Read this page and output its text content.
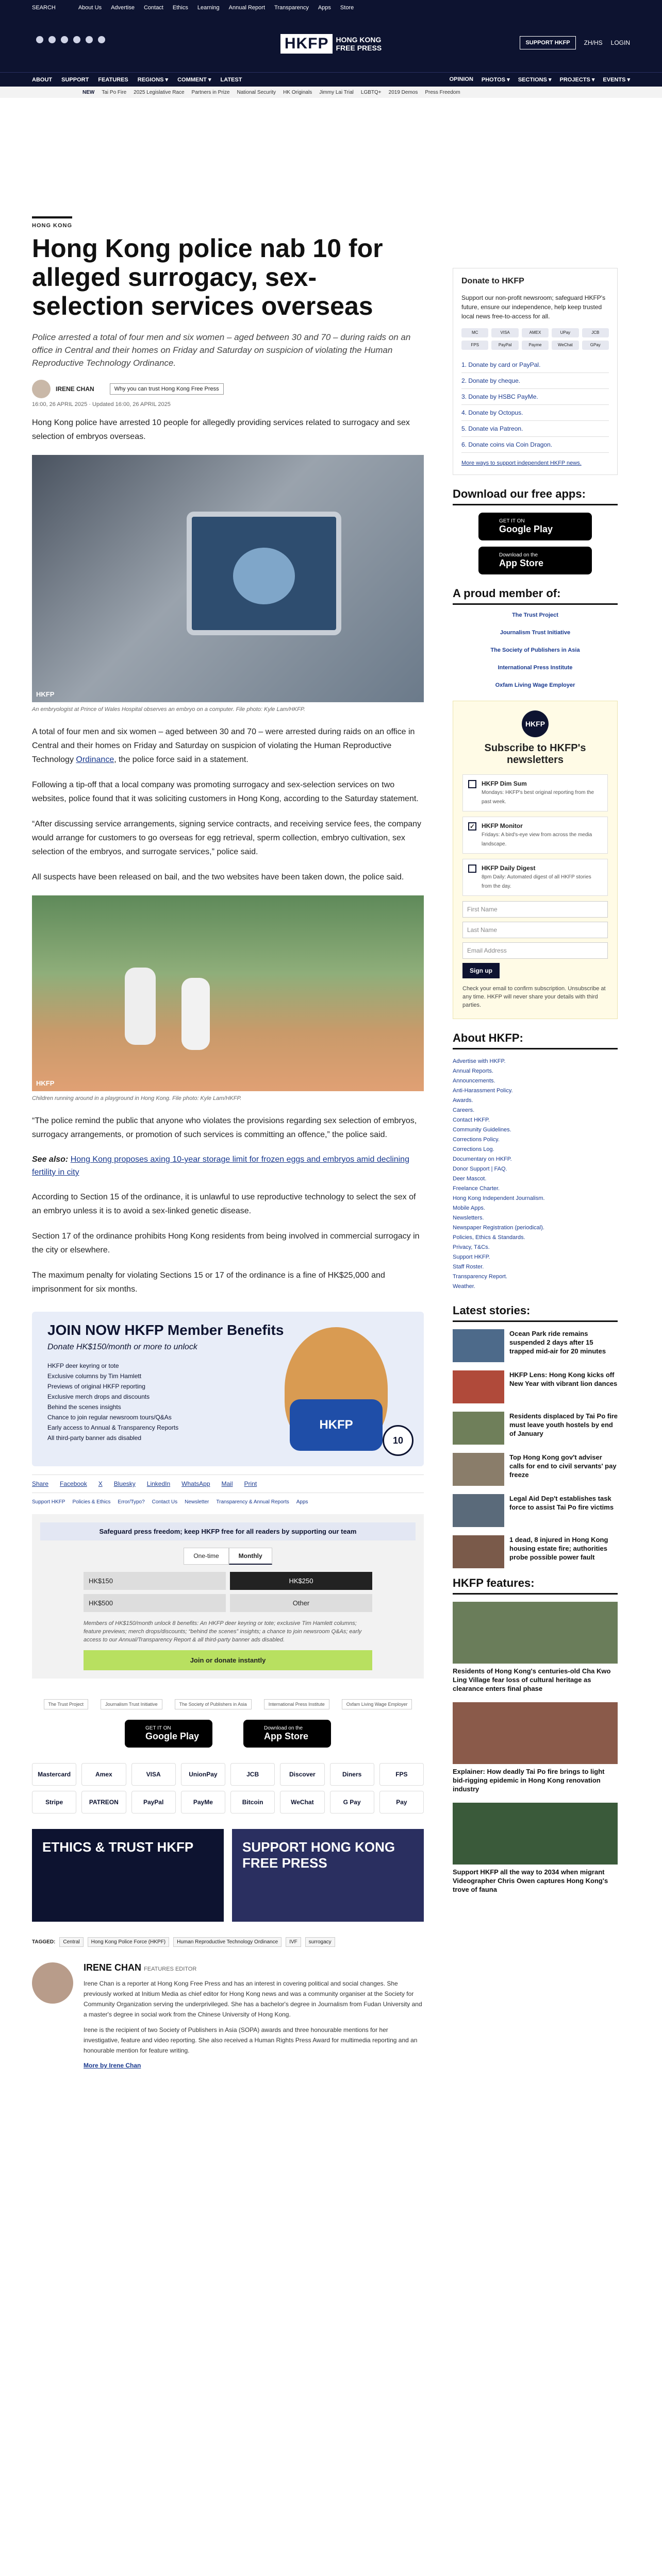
SEARCH	About Us Advertise Contact Ethics Learning Annual Report Transparency Apps Store
HKFP	HONG KONG
FREE PRESS
SUPPORT HKFP	ZH/HS LOGIN
ABOUT SUPPORT FEATURES REGIONS ▾ COMMENT ▾ LATEST	OPINION PHOTOS ▾ SECTIONS ▾ PROJECTS ▾ EVENTS ▾
NEW Tai Po Fire 2025 Legislative Race Partners in Prize National Security HK Originals Jimmy Lai Trial LGBTQ+ 2019 Demos Press Freedom
HONG KONG
Hong Kong police nab 10 for alleged surrogacy, sex-selection services overseas

Police arrested a total of four men and six women – aged between 30 and 70 – during raids on an office in Central and their homes on Friday and Saturday on suspicion of violating the Human Reproductive Technology Ordinance.

IRENE CHAN	Why you can trust Hong Kong Free Press
16:00, 26 APRIL 2025 · Updated 16:00, 26 APRIL 2025

Hong Kong police have arrested 10 people for allegedly providing services related to surrogacy and sex selection of embryos overseas.

HKFP
An embryologist at Prince of Wales Hospital observes an embryo on a computer. File photo: Kyle Lam/HKFP.

A total of four men and six women – aged between 30 and 70 – were arrested during raids on an office in Central and their homes on Friday and Saturday on suspicion of violating the Human Reproductive Technology Ordinance, the police force said in a statement.

Following a tip-off that a local company was promoting surrogacy and sex-selection services on two websites, police found that it was soliciting customers in Hong Kong, according to the Saturday statement.

“After discussing service arrangements, signing service contracts, and receiving service fees, the company would arrange for customers to go overseas for egg retrieval, sperm collection, embryo cultivation, sex selection of the embryos, and surrogate services,” police said.

All suspects have been released on bail, and the two websites have been taken down, the police said.

HKFP
Children running around in a playground in Hong Kong. File photo: Kyle Lam/HKFP.

“The police remind the public that anyone who violates the provisions regarding sex selection of embryos, surrogacy arrangements, or promotion of such services is committing an offence,” the police said.

See also: Hong Kong proposes axing 10-year storage limit for frozen eggs and embryos amid declining fertility in city

According to Section 15 of the ordinance, it is unlawful to use reproductive technology to select the sex of an embryo unless it is to avoid a sex-linked genetic disease.

Section 17 of the ordinance prohibits Hong Kong residents from being involved in commercial surrogacy in the city or elsewhere.

The maximum penalty for violating Sections 15 or 17 of the ordinance is a fine of HK$25,000 and imprisonment for six months.

JOIN NOW HKFP Member Benefits
Donate HK$150/month or more to unlock
HKFP deer keyring or tote
Exclusive columns by Tim Hamlett
Previews of original HKFP reporting
Exclusive merch drops and discounts
Behind the scenes insights
Chance to join regular newsroom tours/Q&As
Early access to Annual & Transparency Reports
All third-party banner ads disabled
HKFP
10
Share Facebook X Bluesky LinkedIn WhatsApp Mail Print
Support HKFP Policies & Ethics Error/Typo? Contact Us Newsletter Transparency & Annual Reports Apps
Safeguard press freedom; keep HKFP free for all readers by supporting our team
One-time	Monthly
HK$150	HK$250
HK$500	Other
Members of HK$150/month unlock 8 benefits: An HKFP deer keyring or tote; exclusive Tim Hamlett columns; feature previews; merch drops/discounts; “behind the scenes” insights; a chance to join newsroom Q&As; early access to our Annual/Transparency Report & all third-party banner ads disabled.
Join or donate instantly
The Trust Project	Journalism Trust Initiative	The Society of Publishers in Asia	International Press Institute	Oxfam Living Wage Employer
GET IT ON
Google Play
Download on the
App Store
Mastercard	Amex	VISA	UnionPay	JCB	Discover	Diners	FPS
Stripe	PATREON	PayPal	PayMe	Bitcoin	WeChat	G Pay	Pay
ETHICS & TRUST HKFP	SUPPORT HONG KONG FREE PRESS
TAGGED:	Central	Hong Kong Police Force (HKPF)	Human Reproductive Technology Ordinance	IVF	surrogacy
IRENE CHAN FEATURES EDITOR

Irene Chan is a reporter at Hong Kong Free Press and has an interest in covering political and social changes. She previously worked at Initium Media as chief editor for Hong Kong news and was a community organiser at the Society for Community Organization serving the underprivileged. She has a bachelor's degree in Journalism from Fudan University and a master's degree in social work from the Chinese University of Hong Kong.

Irene is the recipient of two Society of Publishers in Asia (SOPA) awards and three honourable mentions for her investigative, feature and video reporting. She also received a Human Rights Press Award for multimedia reporting and an honourable mention for feature writing.

More by Irene Chan
Donate to HKFP

Support our non-profit newsroom; safeguard HKFP's future, ensure our independence, help keep trusted local news free-to-access for all.

MC	VISA	AMEX	UPay	JCB
FPS	PayPal	Payme	WeChat	GPay
1. Donate by card or PayPal.
2. Donate by cheque.
3. Donate by HSBC PayMe.
4. Donate by Octopus.
5. Donate via Patreon.
6. Donate coins via Coin Dragon.
More ways to support independent HKFP news.
Download our free apps:
GET IT ON
Google Play
Download on the
App Store
A proud member of:
The Trust Project
Journalism Trust Initiative
The Society of Publishers in Asia
International Press Institute
Oxfam Living Wage Employer
HKFP
Subscribe to HKFP's newsletters
HKFP Dim Sum
Mondays: HKFP's best original reporting from the past week.
✓ HKFP Monitor
Fridays: A bird's-eye view from across the media landscape.
HKFP Daily Digest
8pm Daily: Automated digest of all HKFP stories from the day.
First Name
Last Name
Email Address
Sign up
Check your email to confirm subscription. Unsubscribe at any time. HKFP will never share your details with third parties.
About HKFP:
Advertise with HKFP.
Annual Reports.
Announcements.
Anti-Harassment Policy.
Awards.
Careers.
Contact HKFP.
Community Guidelines.
Corrections Policy.
Corrections Log.
Documentary on HKFP.
Donor Support | FAQ.
Deer Mascot.
Freelance Charter.
Hong Kong Independent Journalism.
Mobile Apps.
Newsletters.
Newspaper Registration (periodical).
Policies, Ethics & Standards.
Privacy, T&Cs.
Support HKFP.
Staff Roster.
Transparency Report.
Weather.
Latest stories:
Ocean Park ride remains suspended 2 days after 15 trapped mid-air for 20 minutes
HKFP Lens: Hong Kong kicks off New Year with vibrant lion dances
Residents displaced by Tai Po fire must leave youth hostels by end of January
Top Hong Kong gov't adviser calls for end to civil servants' pay freeze
Legal Aid Dep't establishes task force to assist Tai Po fire victims
1 dead, 8 injured in Hong Kong housing estate fire; authorities probe possible power fault
HKFP features:
Residents of Hong Kong's centuries-old Cha Kwo Ling Village fear loss of cultural heritage as clearance enters final phase
Explainer: How deadly Tai Po fire brings to light bid-rigging epidemic in Hong Kong renovation industry
Support HKFP all the way to 2034 when migrant Videographer Chris Owen captures Hong Kong's trove of fauna
